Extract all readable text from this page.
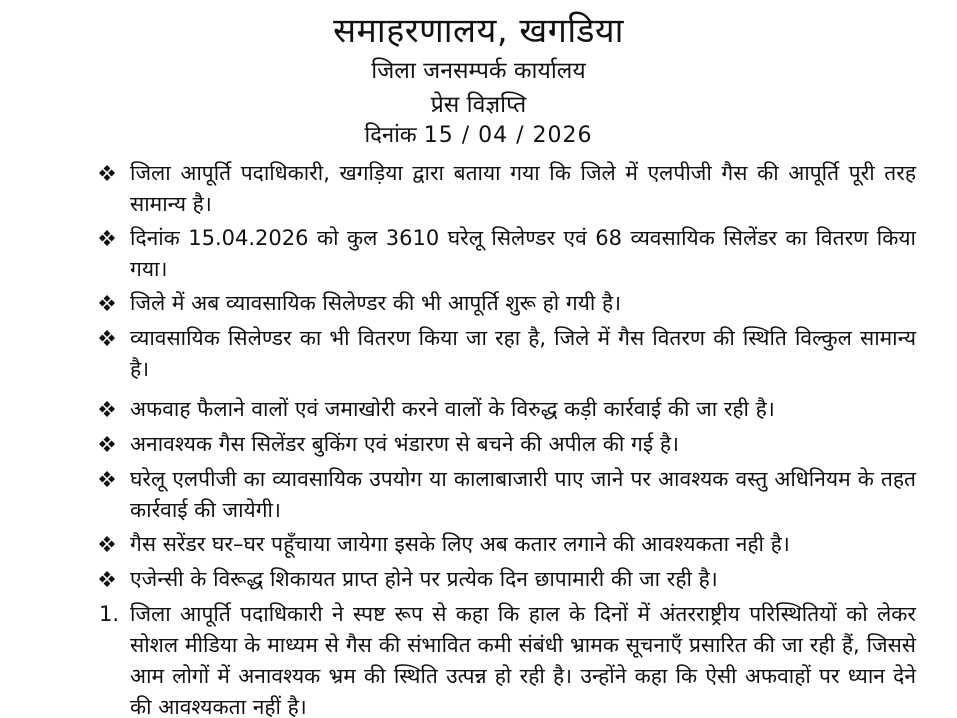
समाहरणालय, खगडिया
जिला जनसम्पर्क कार्यालय
प्रेस विज्ञप्ति
दिनांक 15 / 04 / 2026

जिला आपूर्ति पदाधिकारी, खगड़िया द्वारा बताया गया कि जिले में एलपीजी गैस की आपूर्ति पूरी तरह सामान्य है।

दिनांक 15.04.2026 को कुल 3610 घरेलू सिलेण्डर एवं 68 व्यवसायिक सिलेंडर का वितरण किया गया।

जिले में अब व्यावसायिक सिलेण्डर की भी आपूर्ति शुरू हो गयी है।

व्यावसायिक सिलेण्डर का भी वितरण किया जा रहा है, जिले में गैस वितरण की स्थिति विल्कुल सामान्य है।

अफवाह फैलाने वालों एवं जमाखोरी करने वालों के विरुद्ध कड़ी कार्रवाई की जा रही है।

अनावश्यक गैस सिलेंडर बुकिंग एवं भंडारण से बचने की अपील की गई है।

घरेलू एलपीजी का व्यावसायिक उपयोग या कालाबाजारी पाए जाने पर आवश्यक वस्तु अधिनियम के तहत कार्रवाई की जायेगी।

गैस सरेंडर घर–घर पहूँचाया जायेगा इसके लिए अब कतार लगाने की आवश्यकता नही है।

एजेन्सी के विरूद्ध शिकायत प्राप्त होने पर प्रत्येक दिन छापामारी की जा रही है।

1. जिला आपूर्ति पदाधिकारी ने स्पष्ट रूप से कहा कि हाल के दिनों में अंतरराष्ट्रीय परिस्थितियों को लेकर सोशल मीडिया के माध्यम से गैस की संभावित कमी संबंधी भ्रामक सूचनाएँ प्रसारित की जा रही हैं, जिससे आम लोगों में अनावश्यक भ्रम की स्थिति उत्पन्न हो रही है। उन्होंने कहा कि ऐसी अफवाहों पर ध्यान देने की आवश्यकता नहीं है।
